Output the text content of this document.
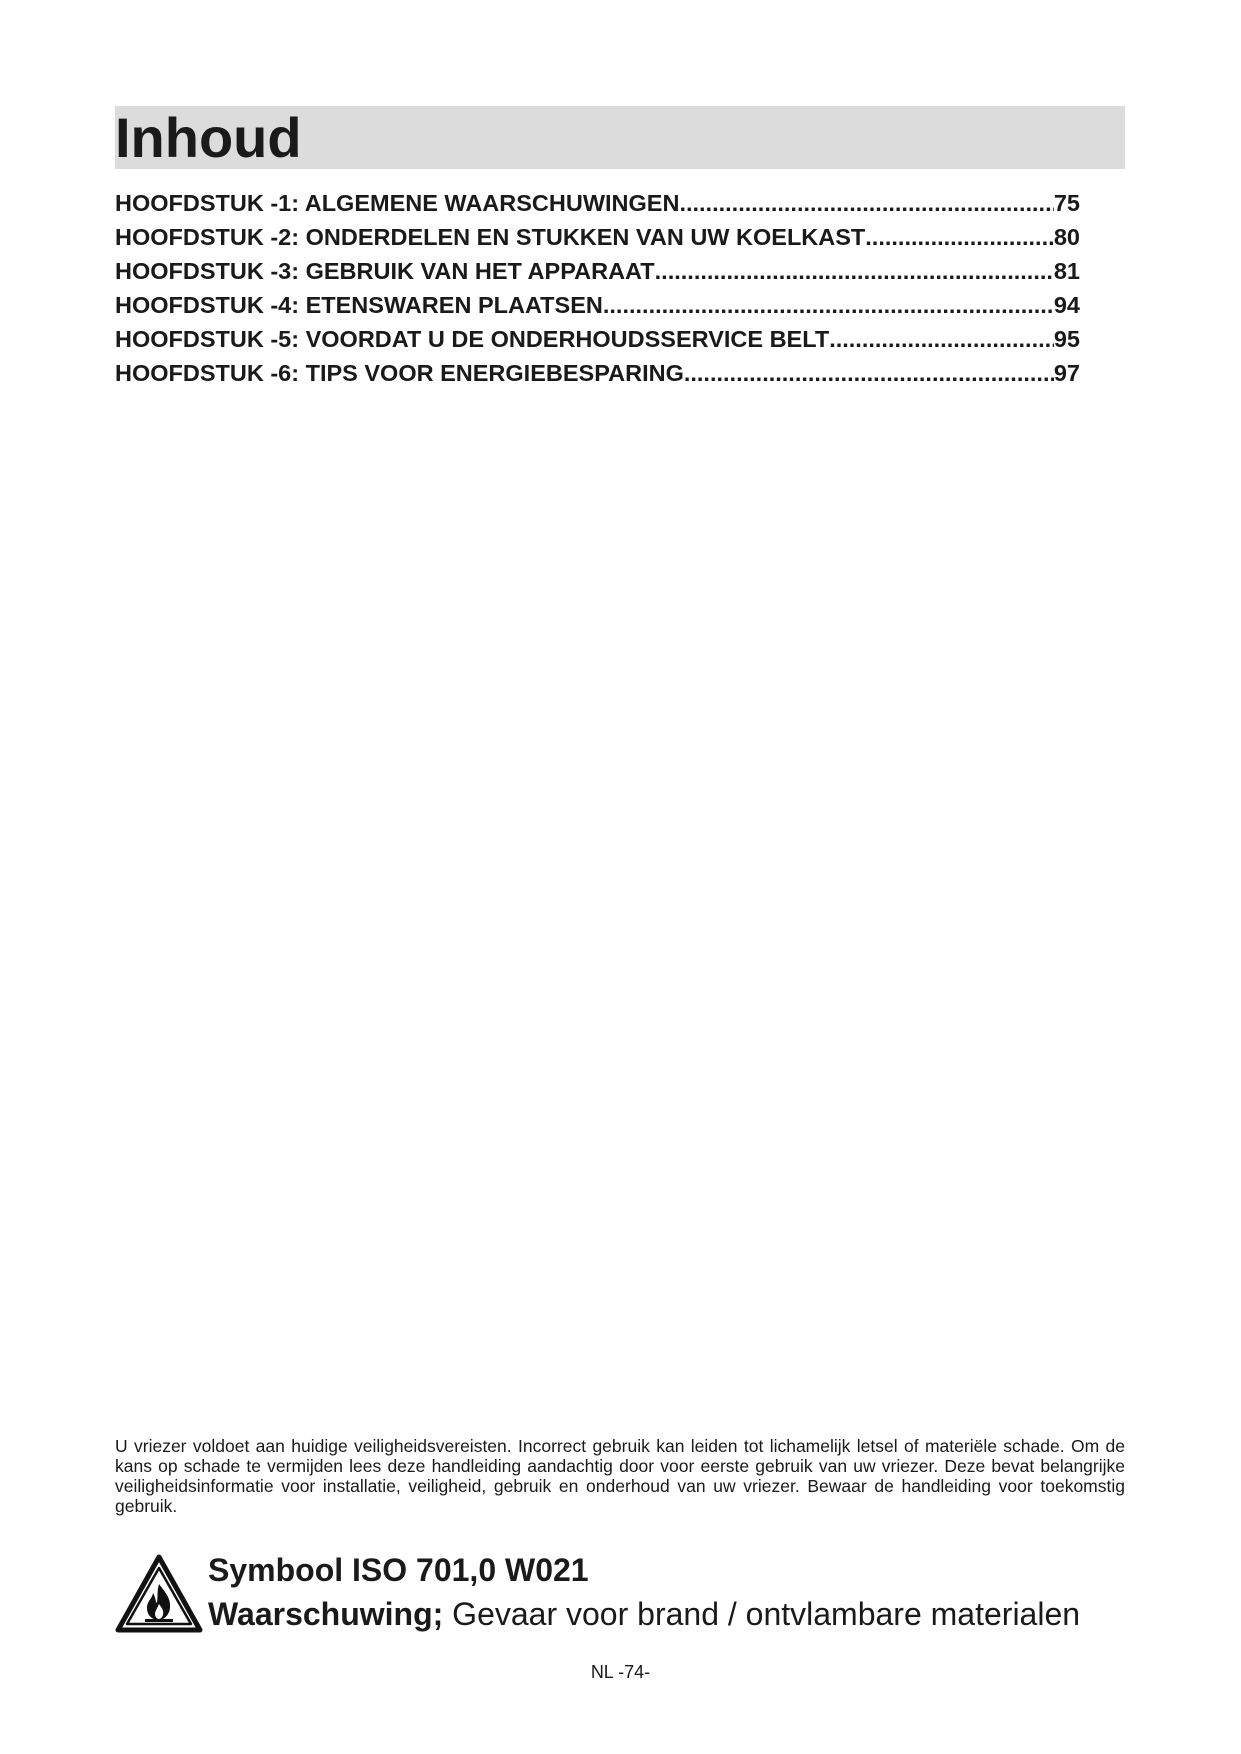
Inhoud
HOOFDSTUK -1: ALGEMENE WAARSCHUWINGEN .....	75
HOOFDSTUK -2: ONDERDELEN EN STUKKEN VAN UW KOELKAST .....	80
HOOFDSTUK -3: GEBRUIK VAN HET APPARAAT .....	81
HOOFDSTUK -4: ETENSWAREN PLAATSEN .....	94
HOOFDSTUK -5: VOORDAT U DE ONDERHOUDSSERVICE BELT .....	95
HOOFDSTUK -6: TIPS VOOR ENERGIEBESPARING .....	97
U vriezer voldoet aan huidige veiligheidsvereisten. Incorrect gebruik kan leiden tot lichamelijk letsel of materiële schade. Om de kans op schade te vermijden lees deze handleiding aandachtig door voor eerste gebruik van uw vriezer. Deze bevat belangrijke veiligheidsinformatie voor installatie, veiligheid, gebruik en onderhoud van uw vriezer. Bewaar de handleiding voor toekomstig gebruik.
Symbool ISO 701,0 W021
Waarschuwing; Gevaar voor brand / ontvlambare materialen
NL -74-
